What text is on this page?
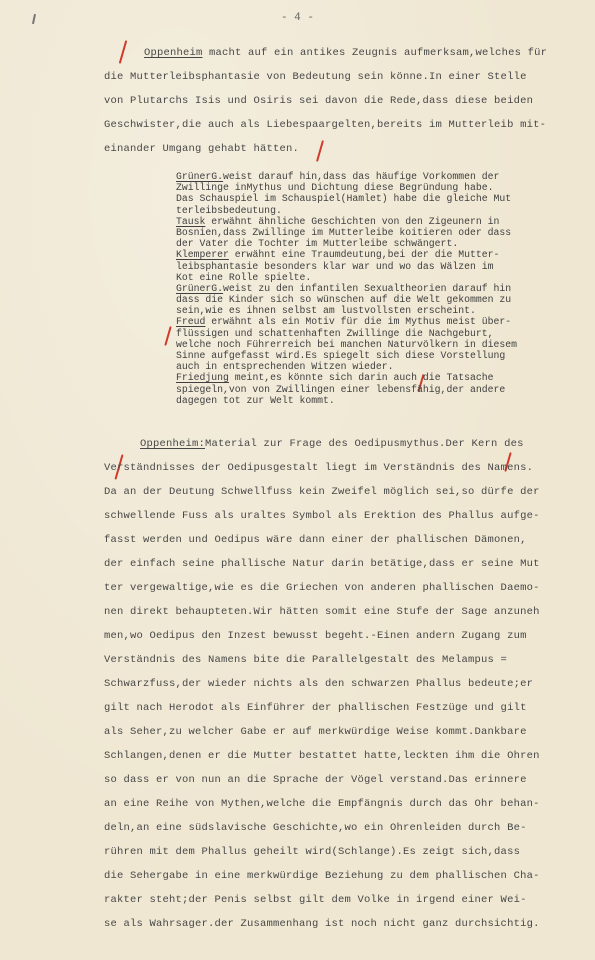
- 4 -
Oppenheim macht auf ein antikes Zeugnis aufmerksam,welches für
die Mutterleibsphantasie von Bedeutung sein könne.In einer Stelle
von Plutarchs Isis und Osiris sei davon die Rede,dass diese beiden
Geschwister,die auch als Liebespaargelten,bereits im Mutterleib mit-
einander Umgang gehabt hätten.
GrünerG.weist darauf hin,dass das häufige Vorkommen der
Zwillinge inMythus und Dichtung diese Begründung habe.
Das Schauspiel im Schauspiel(Hamlet) habe die gleiche Mut
terleibsbedeutung.
Tausk erwähnt ähnliche Geschichten von den Zigeunern in
Bosnien,dass Zwillinge im Mutterleibe koitieren oder dass
der Vater die Tochter im Mutterleibe schwängert.
Klemperer erwähnt eine Traumdeutung,bei der die Mutter-
leibsphantasie besonders klar war und wo das Wälzen im
Kot eine Rolle spielte.
GrünerG.weist zu den infantilen Sexualtheorien darauf hin
dass die Kinder sich so wünschen auf die Welt gekommen zu
sein,wie es ihnen selbst am lustvollsten erscheint.
Freud erwähnt als ein Motiv für die im Mythus meist über-
flüssigen und schattenhaften Zwillinge die Nachgeburt,
welche noch Führerreich bei manchen Naturvölkern in diesem
Sinne aufgefasst wird.Es spiegelt sich diese Vorstellung
auch in entsprechenden Witzen wieder.
Friedjung meint,es könnte sich darin auch die Tatsache
spiegeln,von von Zwillingen einer lebensfähig,der andere
dagegen tot zur Welt kommt.
Oppenheim:Material zur Frage des Oedipusmythus.Der Kern des
Verständnisses der Oedipusgestalt liegt im Verständnis des Namens.
Da an der Deutung Schwellfuss kein Zweifel möglich sei,so dürfe der
schwellende Fuss als uraltes Symbol als Erektion des Phallus aufge-
fasst werden und Oedipus wäre dann einer der phallischen Dämonen,
der einfach seine phallische Natur darin betätige,dass er seine Mut
ter vergewaltige,wie es die Griechen von anderen phallischen Daemo-
nen direkt behaupteten.Wir hätten somit eine Stufe der Sage anzuneh
men,wo Oedipus den Inzest bewusst begeht.-Einen andern Zugang zum
Verständnis des Namens bite die Parallelgestalt des Melampus =
Schwarzfuss,der wieder nichts als den schwarzen Phallus bedeute;er
gilt nach Herodot als Einführer der phallischen Festzüge und gilt
als Seher,zu welcher Gabe er auf merkwürdige Weise kommt.Dankbare
Schlangen,denen er die Mutter bestattet hatte,leckten ihm die Ohren
so dass er von nun an die Sprache der Vögel verstand.Das erinnere
an eine Reihe von Mythen,welche die Empfängnis durch das Ohr behan-
deln,an eine südslavische Geschichte,wo ein Ohrenleiden durch Be-
rühren mit dem Phallus geheilt wird(Schlange).Es zeigt sich,dass
die Sehergabe in eine merkwürdige Beziehung zu dem phallischen Cha-
rakter steht;der Penis selbst gilt dem Volke in irgend einer Wei-
se als Wahrsager.der Zusammenhang ist noch nicht ganz durchsichtig.
